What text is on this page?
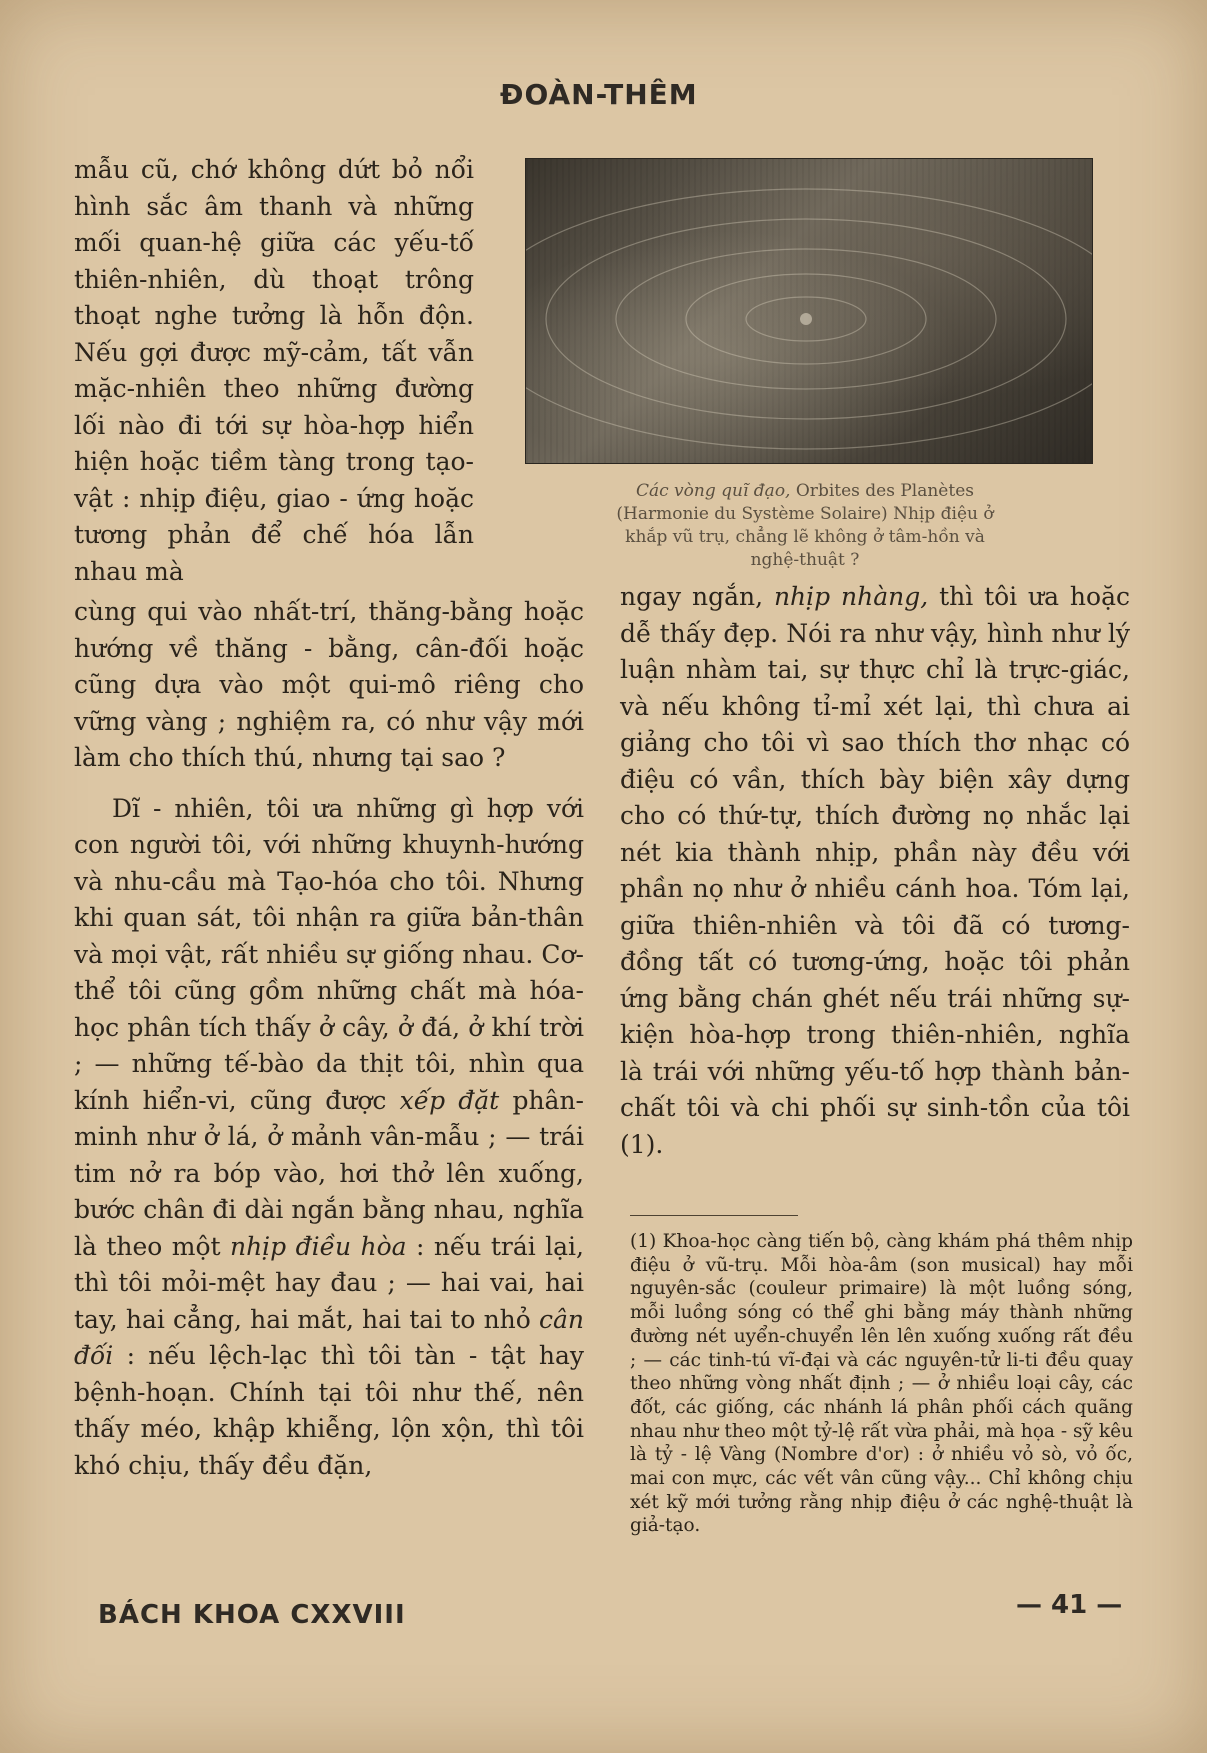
ĐOÀN-THÊM

mẫu cũ, chớ không dứt bỏ nổi hình sắc âm thanh và những mối quan-hệ giữa các yếu-tố thiên-nhiên, dù thoạt trông thoạt nghe tưởng là hỗn độn. Nếu gợi được mỹ-cảm, tất vẫn mặc-nhiên theo những đường lối nào đi tới sự hòa-hợp hiển hiện hoặc tiềm tàng trong tạo-vật : nhịp điệu, giao - ứng hoặc tương phản để chế hóa lẫn nhau mà

Các vòng quĩ đạo, Orbites des Planètes (Harmonie du Système Solaire) Nhịp điệu ở khắp vũ trụ, chẳng lẽ không ở tâm-hồn và nghệ-thuật ?

cùng qui vào nhất-trí, thăng-bằng hoặc hướng về thăng - bằng, cân-đối hoặc cũng dựa vào một qui-mô riêng cho vững vàng ; nghiệm ra, có như vậy mới làm cho thích thú, nhưng tại sao ?

Dĩ - nhiên, tôi ưa những gì hợp với con người tôi, với những khuynh-hướng và nhu-cầu mà Tạo-hóa cho tôi. Nhưng khi quan sát, tôi nhận ra giữa bản-thân và mọi vật, rất nhiều sự giống nhau. Cơ-thể tôi cũng gồm những chất mà hóa-học phân tích thấy ở cây, ở đá, ở khí trời ; — những tế-bào da thịt tôi, nhìn qua kính hiển-vi, cũng được xếp đặt phân-minh như ở lá, ở mảnh vân-mẫu ; — trái tim nở ra bóp vào, hơi thở lên xuống, bước chân đi dài ngắn bằng nhau, nghĩa là theo một nhịp điều hòa : nếu trái lại, thì tôi mỏi-mệt hay đau ; — hai vai, hai tay, hai cẳng, hai mắt, hai tai to nhỏ cân đối : nếu lệch-lạc thì tôi tàn - tật hay bệnh-hoạn. Chính tại tôi như thế, nên thấy méo, khập khiễng, lộn xộn, thì tôi khó chịu, thấy đều đặn,

ngay ngắn, nhịp nhàng, thì tôi ưa hoặc dễ thấy đẹp. Nói ra như vậy, hình như lý luận nhàm tai, sự thực chỉ là trực-giác, và nếu không tỉ-mỉ xét lại, thì chưa ai giảng cho tôi vì sao thích thơ nhạc có điệu có vần, thích bày biện xây dựng cho có thứ-tự, thích đường nọ nhắc lại nét kia thành nhịp, phần này đều với phần nọ như ở nhiều cánh hoa. Tóm lại, giữa thiên-nhiên và tôi đã có tương-đồng tất có tương-ứng, hoặc tôi phản ứng bằng chán ghét nếu trái những sự-kiện hòa-hợp trong thiên-nhiên, nghĩa là trái với những yếu-tố hợp thành bản-chất tôi và chi phối sự sinh-tồn của tôi (1).

(1) Khoa-học càng tiến bộ, càng khám phá thêm nhịp điệu ở vũ-trụ. Mỗi hòa-âm (son musical) hay mỗi nguyên-sắc (couleur primaire) là một luồng sóng, mỗi luồng sóng có thể ghi bằng máy thành những đường nét uyển-chuyển lên lên xuống xuống rất đều ; — các tinh-tú vĩ-đại và các nguyên-tử li-ti đều quay theo những vòng nhất định ; — ở nhiều loại cây, các đốt, các giống, các nhánh lá phân phối cách quãng nhau như theo một tỷ-lệ rất vừa phải, mà họa - sỹ kêu là tỷ - lệ Vàng (Nombre d'or) : ở nhiều vỏ sò, vỏ ốc, mai con mực, các vết vân cũng vậy... Chỉ không chịu xét kỹ mới tưởng rằng nhịp điệu ở các nghệ-thuật là giả-tạo.
BÁCH KHOA CXXVIII	— 41 —
